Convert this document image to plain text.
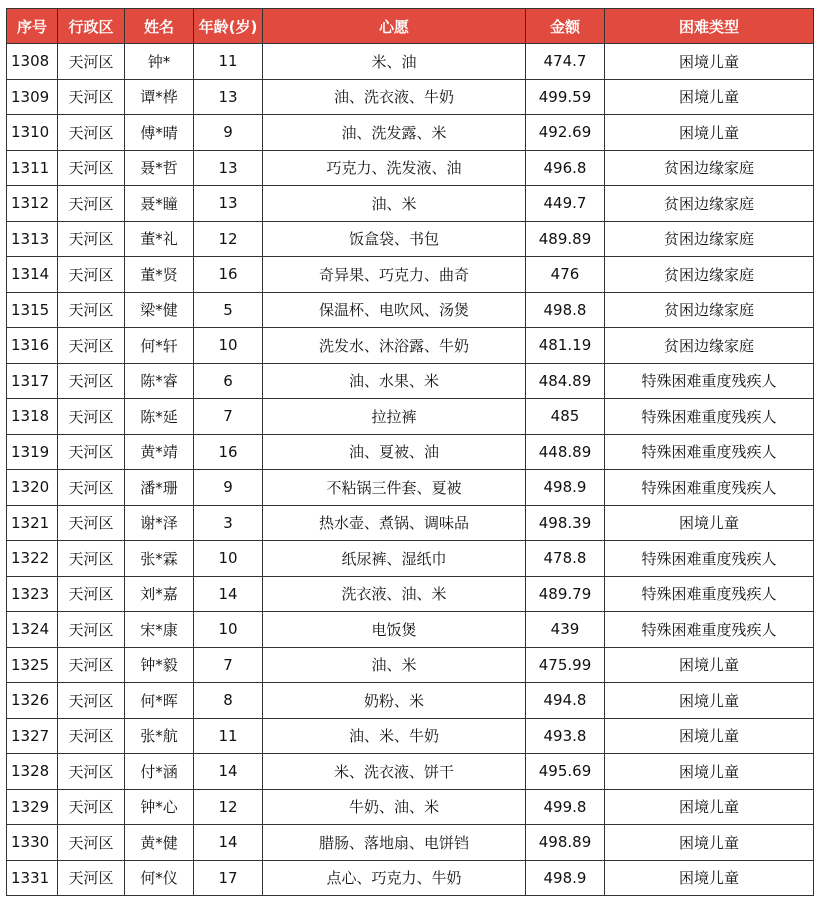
序号	行政区	姓名	年龄(岁)	心愿	金额	困难类型
1308	天河区	钟*	11	米、油	474.7	困境儿童
1309	天河区	谭*桦	13	油、洗衣液、牛奶	499.59	困境儿童
1310	天河区	傅*晴	9	油、洗发露、米	492.69	困境儿童
1311	天河区	聂*哲	13	巧克力、洗发液、油	496.8	贫困边缘家庭
1312	天河区	聂*瞳	13	油、米	449.7	贫困边缘家庭
1313	天河区	董*礼	12	饭盒袋、书包	489.89	贫困边缘家庭
1314	天河区	董*贤	16	奇异果、巧克力、曲奇	476	贫困边缘家庭
1315	天河区	梁*健	5	保温杯、电吹风、汤煲	498.8	贫困边缘家庭
1316	天河区	何*轩	10	洗发水、沐浴露、牛奶	481.19	贫困边缘家庭
1317	天河区	陈*睿	6	油、水果、米	484.89	特殊困难重度残疾人
1318	天河区	陈*延	7	拉拉裤	485	特殊困难重度残疾人
1319	天河区	黄*靖	16	油、夏被、油	448.89	特殊困难重度残疾人
1320	天河区	潘*珊	9	不粘锅三件套、夏被	498.9	特殊困难重度残疾人
1321	天河区	谢*泽	3	热水壶、煮锅、调味品	498.39	困境儿童
1322	天河区	张*霖	10	纸尿裤、湿纸巾	478.8	特殊困难重度残疾人
1323	天河区	刘*嘉	14	洗衣液、油、米	489.79	特殊困难重度残疾人
1324	天河区	宋*康	10	电饭煲	439	特殊困难重度残疾人
1325	天河区	钟*毅	7	油、米	475.99	困境儿童
1326	天河区	何*晖	8	奶粉、米	494.8	困境儿童
1327	天河区	张*航	11	油、米、牛奶	493.8	困境儿童
1328	天河区	付*涵	14	米、洗衣液、饼干	495.69	困境儿童
1329	天河区	钟*心	12	牛奶、油、米	499.8	困境儿童
1330	天河区	黄*健	14	腊肠、落地扇、电饼铛	498.89	困境儿童
1331	天河区	何*仪	17	点心、巧克力、牛奶	498.9	困境儿童
